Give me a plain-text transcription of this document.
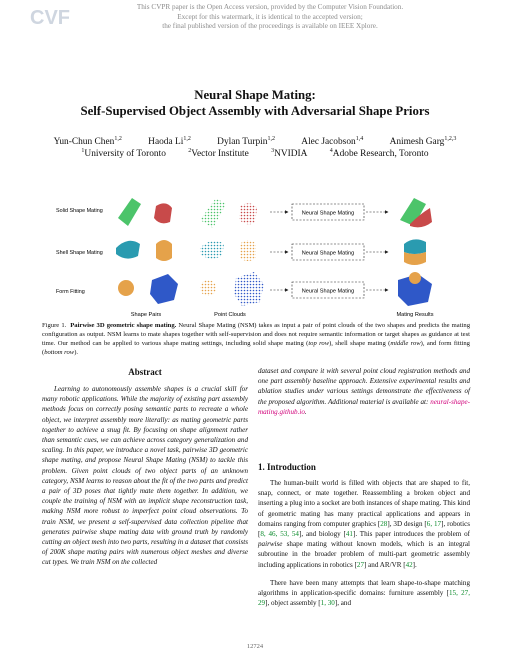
CVF	This CVPR paper is the Open Access version, provided by the Computer Vision Foundation.
Except for this watermark, it is identical to the accepted version;
the final published version of the proceedings is available on IEEE Xplore.
Neural Shape Mating:
Self-Supervised Object Assembly with Adversarial Shape Priors
Yun-Chun Chen$^{1,2}$	Haoda Li$^{1,2}$	Dylan Turpin$^{1,2}$	Alec Jacobson$^{1,4}$	Animesh Garg$^{1,2,3}$
$^1$University of Toronto	$^2$Vector Institute	$^3$NVIDIA	$^4$Adobe Research, Toronto
Solid Shape Mating
Shell Shape Mating
Form Fitting
Neural Shape Mating
Neural Shape Mating
Neural Shape Mating
Shape Pairs	Point Clouds	Mating Results
Figure 1. Pairwise 3D geometric shape mating. Neural Shape Mating (NSM) takes as input a pair of point clouds of the two shapes and predicts the mating configuration as output. NSM learns to mate shapes together with self-supervision and does not require semantic information or target shapes as guidance at test time. Our method can be applied to various shape mating settings, including solid shape mating (top row), shell shape mating (middle row), and form fitting (bottom row).
Abstract
Learning to autonomously assemble shapes is a crucial skill for many robotic applications. While the majority of existing part assembly methods focus on correctly posing semantic parts to recreate a whole object, we interpret assembly more literally: as mating geometric parts together to achieve a snug fit. By focusing on shape alignment rather than semantic cues, we can achieve across category generalization and scaling. In this paper, we introduce a novel task, pairwise 3D geometric shape mating, and propose Neural Shape Mating (NSM) to tackle this problem. Given point clouds of two object parts of an unknown category, NSM learns to reason about the fit of the two parts and predict a pair of 3D poses that tightly mate them together. In addition, we couple the training of NSM with an implicit shape reconstruction task, making NSM more robust to imperfect point cloud observations. To train NSM, we present a self-supervised data collection pipeline that generates pairwise shape mating data with ground truth by randomly cutting an object mesh into two parts, resulting in a dataset that consists of 200K shape mating pairs with numerous object meshes and diverse cut types. We train NSM on the collected
dataset and compare it with several point cloud registration methods and one part assembly baseline approach. Extensive experimental results and ablation studies under various settings demonstrate the effectiveness of the proposed algorithm. Additional material is available at: neural-shape-mating.github.io.
1. Introduction
The human-built world is filled with objects that are shaped to fit, snap, connect, or mate together. Reassembling a broken object and inserting a plug into a socket are both instances of shape mating. This kind of geometric mating has many practical applications and appears in domains ranging from computer graphics [28], 3D design [6, 17], robotics [8, 46, 53, 54], and biology [41]. This paper introduces the problem of pairwise shape mating without known models, which is an integral subroutine in the broader problem of multi-part geometric assembly including applications in robotics [27] and AR/VR [42].
There have been many attempts that learn shape-to-shape matching algorithms in application-specific domains: furniture assembly [15, 27, 29], object assembly [1, 30], and
12724
